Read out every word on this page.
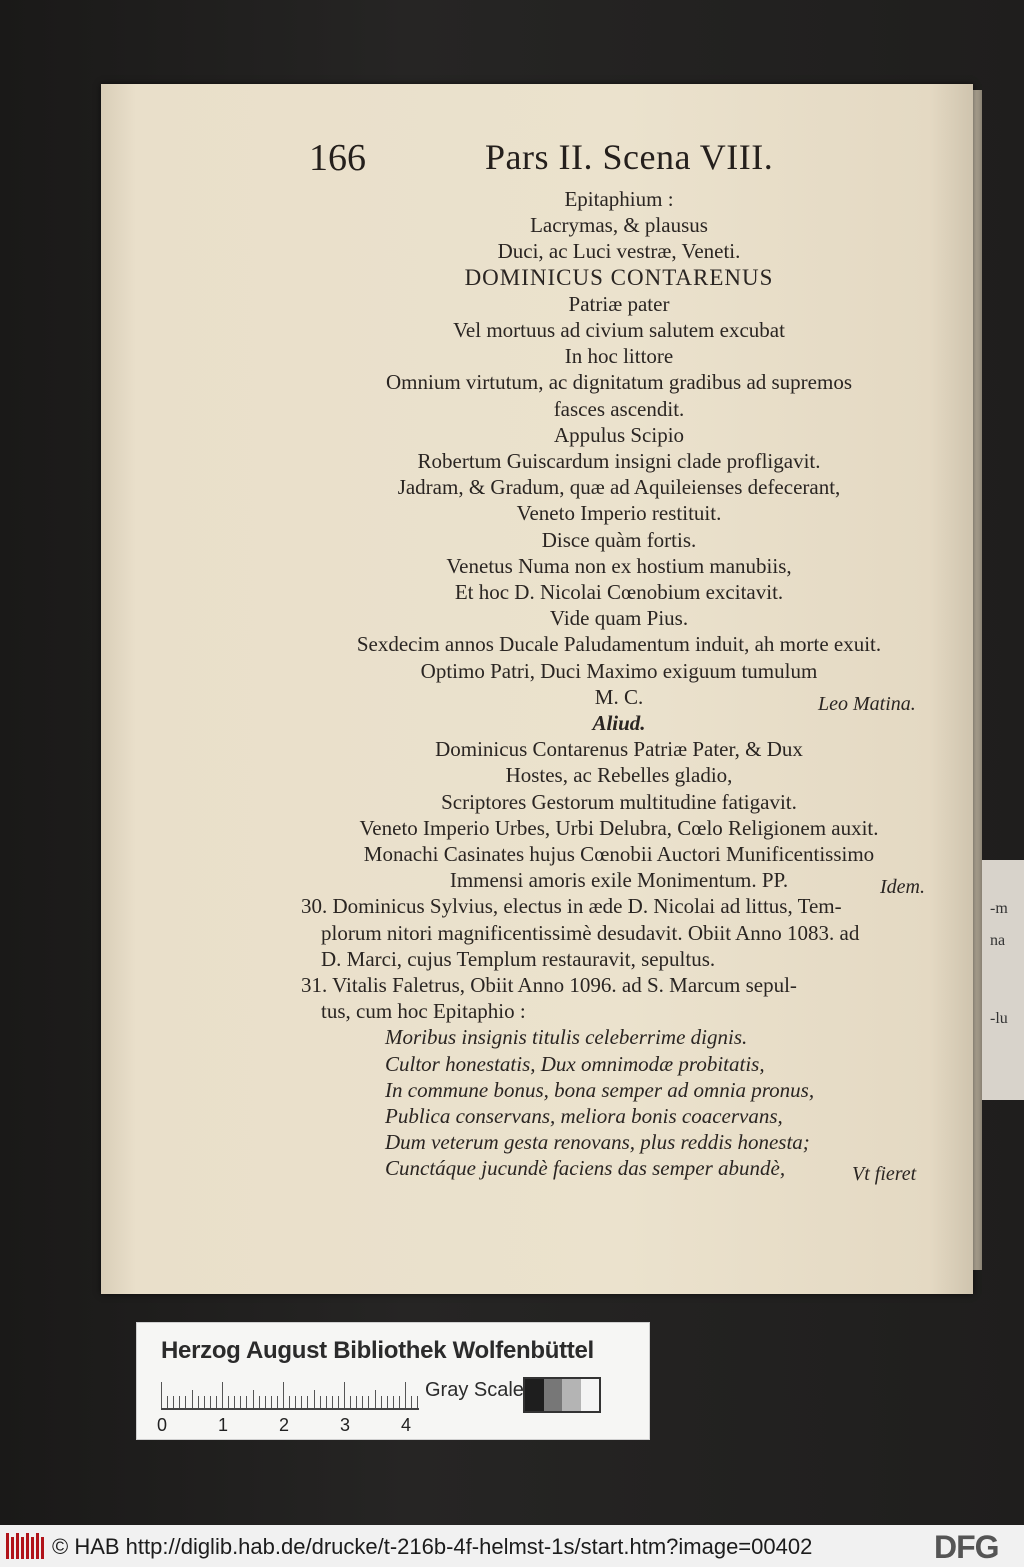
-m
na
-lu
166	Pars II. Scena VIII.
Epitaphium :
Lacrymas, & plausus
Duci, ac Luci vestræ, Veneti.
DOMINICUS CONTARENUS
Patriæ pater
Vel mortuus ad civium salutem excubat
In hoc littore
Omnium virtutum, ac dignitatum gradibus ad supremos
fasces ascendit.
Appulus Scipio
Robertum Guiscardum insigni clade profligavit.
Jadram, & Gradum, quæ ad Aquileienses defecerant,
Veneto Imperio restituit.
Disce quàm fortis.
Venetus Numa non ex hostium manubiis,
Et hoc D. Nicolai Cœnobium excitavit.
Vide quam Pius.
Sexdecim annos Ducale Paludamentum induit, ah morte exuit.
Optimo Patri, Duci Maximo exiguum tumulum
M. C.
Aliud.
Dominicus Contarenus Patriæ Pater, & Dux
Hostes, ac Rebelles gladio,
Scriptores Gestorum multitudine fatigavit.
Veneto Imperio Urbes, Urbi Delubra, Cœlo Religionem auxit.
Monachi Casinates hujus Cœnobii Auctori Munificentissimo
Immensi amoris exile Monimentum. PP.
30. Dominicus Sylvius, electus in æde D. Nicolai ad littus, Tem-
plorum nitori magnificentissimè desudavit. Obiit Anno 1083. ad
D. Marci, cujus Templum restauravit, sepultus.
31. Vitalis Faletrus, Obiit Anno 1096. ad S. Marcum sepul-
tus, cum hoc Epitaphio :
Moribus insignis titulis celeberrime dignis.
Cultor honestatis, Dux omnimodæ probitatis,
In commune bonus, bona semper ad omnia pronus,
Publica conservans, meliora bonis coacervans,
Dum veterum gesta renovans, plus reddis honesta;
Cunctáque jucundè faciens das semper abundè,
Leo Matina.
Idem.
Vt fieret
Herzog August Bibliothek Wolfenbüttel
0	1	2	3	4
Gray Scale
© HAB http://diglib.hab.de/drucke/t-216b-4f-helmst-1s/start.htm?image=00402	DFG
